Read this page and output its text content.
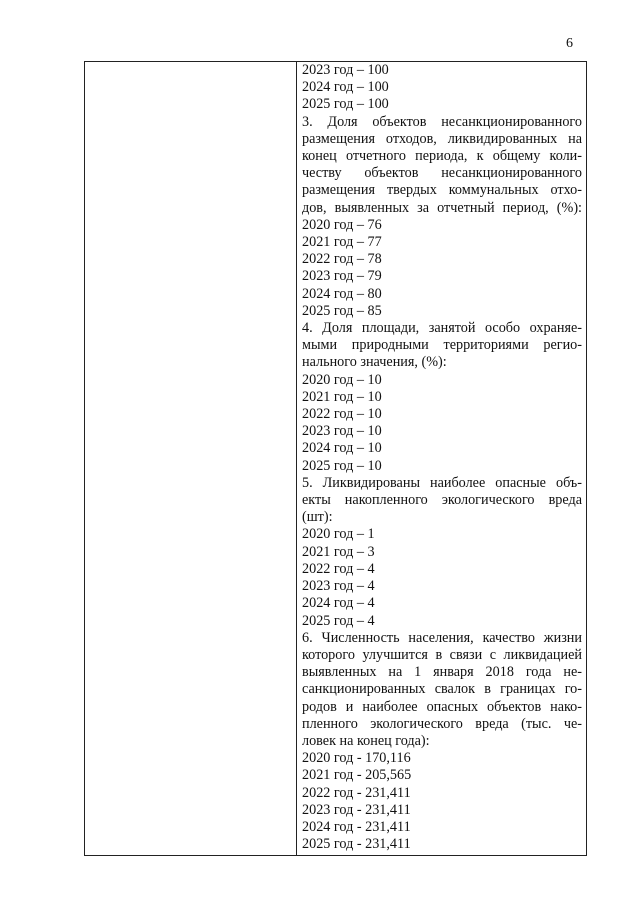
6
2023 год – 100
2024 год – 100
2025 год – 100
3. Доля объектов несанкционированного
размещения отходов, ликвидированных на
конец отчетного периода, к общему коли-
честву объектов несанкционированного
размещения твердых коммунальных отхо-
дов, выявленных за отчетный период, (%):
2020 год – 76
2021 год – 77
2022 год – 78
2023 год – 79
2024 год – 80
2025 год – 85
4. Доля площади, занятой особо охраняе-
мыми природными территориями регио-
нального значения, (%):
2020 год – 10
2021 год – 10
2022 год – 10
2023 год – 10
2024 год – 10
2025 год – 10
5. Ликвидированы наиболее опасные объ-
екты накопленного экологического вреда
(шт):
2020 год – 1
2021 год – 3
2022 год – 4
2023 год – 4
2024 год – 4
2025 год – 4
6. Численность населения, качество жизни
которого улучшится в связи с ликвидацией
выявленных на 1 января 2018 года не-
санкционированных свалок в границах го-
родов и наиболее опасных объектов нако-
пленного экологического вреда (тыс. че-
ловек на конец года):
2020 год - 170,116
2021 год - 205,565
2022 год - 231,411
2023 год - 231,411
2024 год - 231,411
2025 год - 231,411
